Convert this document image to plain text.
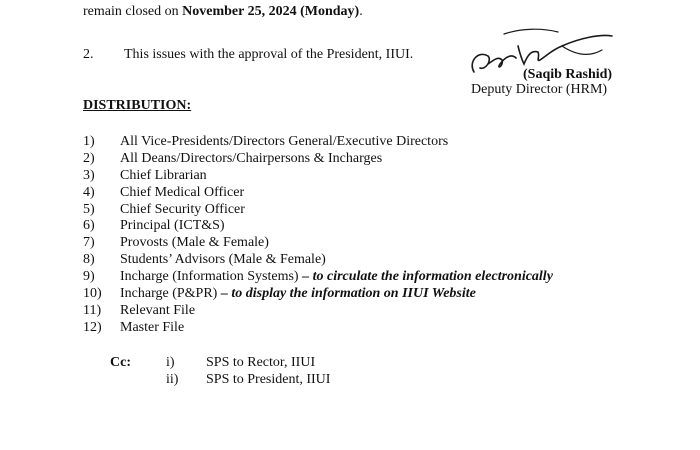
remain closed on November 25, 2024 (Monday).
2. This issues with the approval of the President, IIUI.
(Saqib Rashid)
Deputy Director (HRM)
DISTRIBUTION:
1) All Vice-Presidents/Directors General/Executive Directors
2) All Deans/Directors/Chairpersons & Incharges
3) Chief Librarian
4) Chief Medical Officer
5) Chief Security Officer
6) Principal (ICT&S)
7) Provosts (Male & Female)
8) Students’ Advisors (Male & Female)
9) Incharge (Information Systems) – to circulate the information electronically
10) Incharge (P&PR) – to display the information on IIUI Website
11) Relevant File
12) Master File
Cc:	i) SPS to Rector, IIUI
ii) SPS to President, IIUI
